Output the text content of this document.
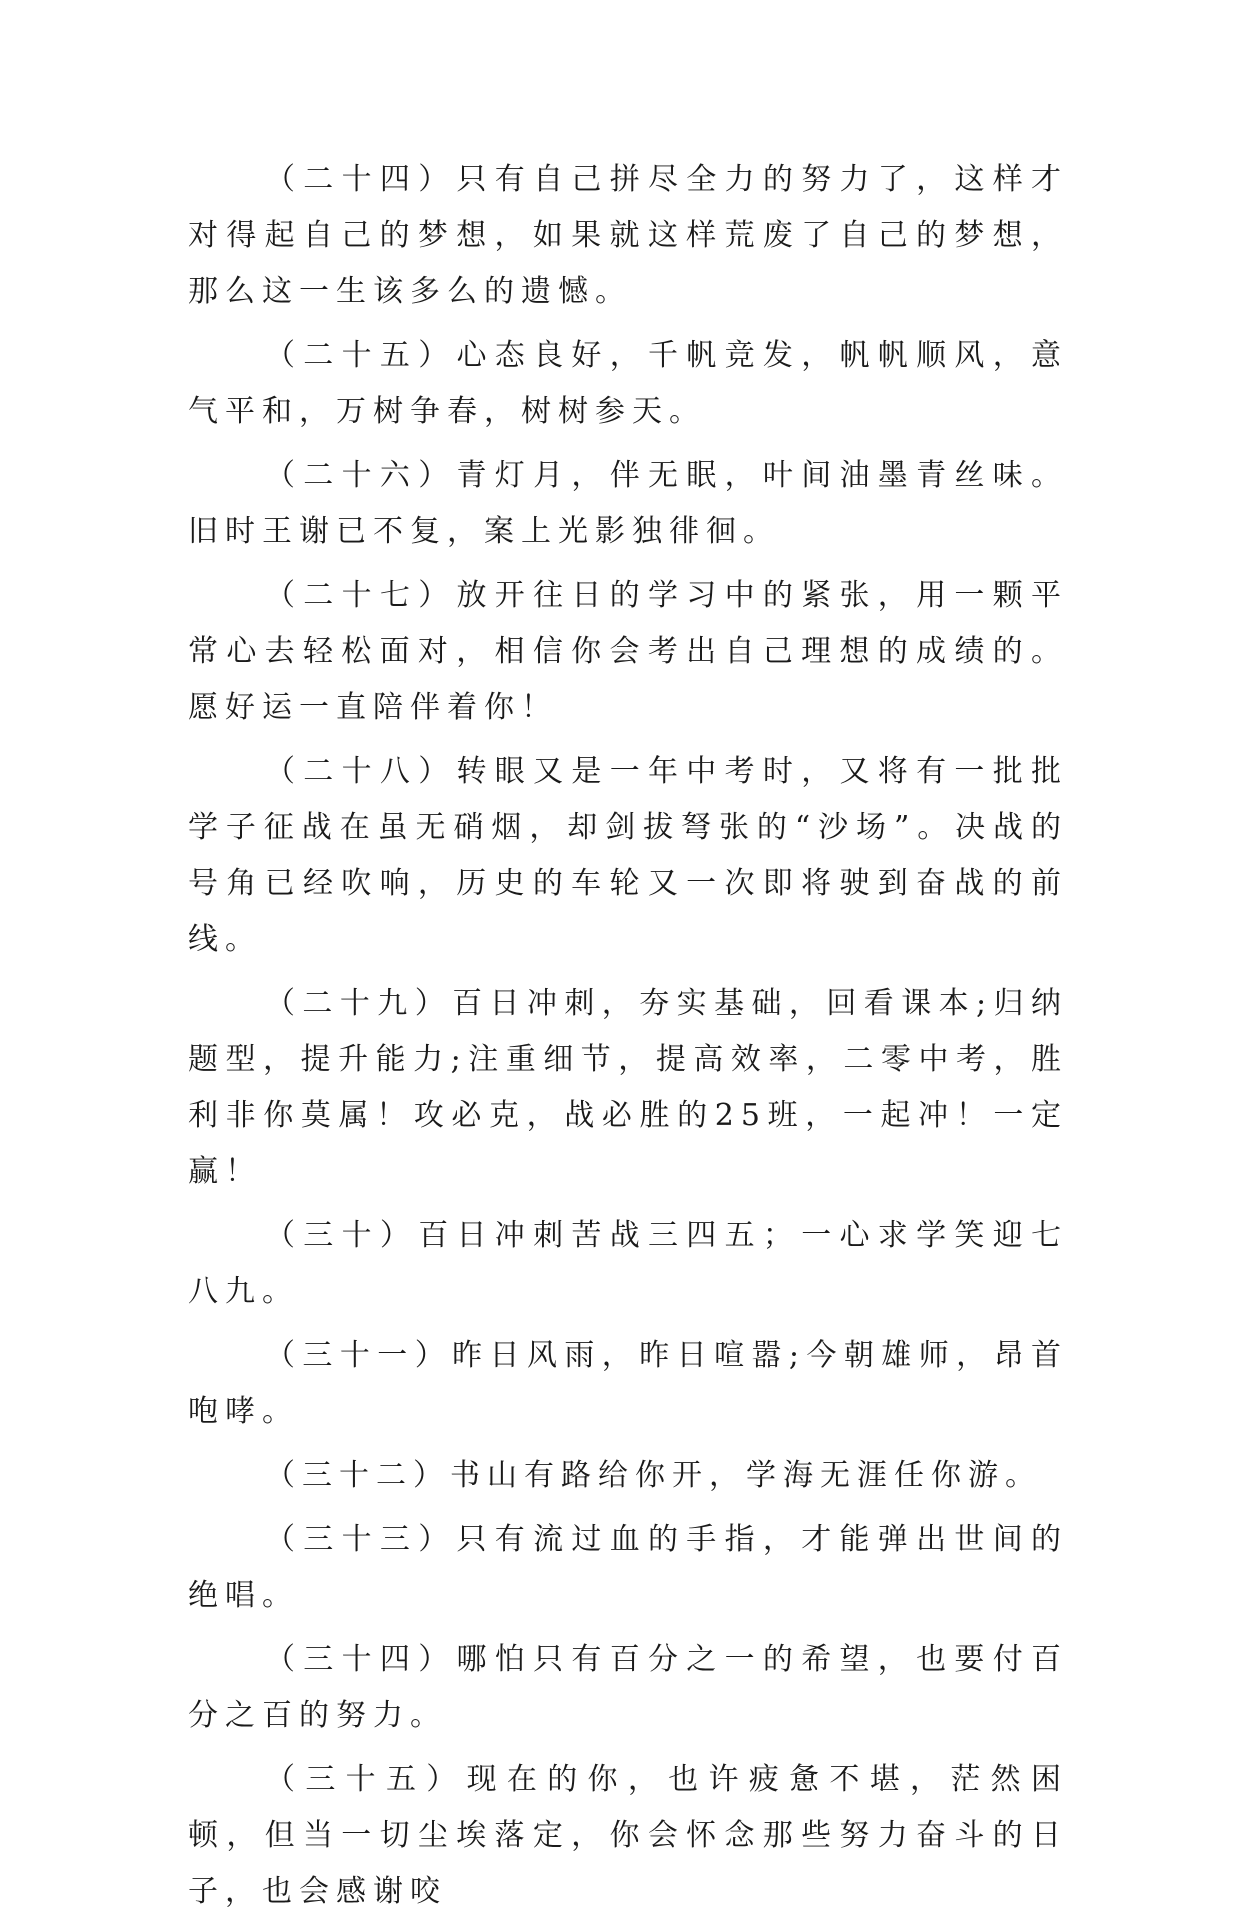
（二十四）只有自己拼尽全力的努力了，这样才对得起自己的梦想，如果就这样荒废了自己的梦想，那么这一生该多么的遗憾。

（二十五）心态良好，千帆竞发，帆帆顺风，意气平和，万树争春，树树参天。

（二十六）青灯月，伴无眠，叶间油墨青丝味。旧时王谢已不复，案上光影独徘徊。

（二十七）放开往日的学习中的紧张，用一颗平常心去轻松面对，相信你会考出自己理想的成绩的。愿好运一直陪伴着你！

（二十八）转眼又是一年中考时，又将有一批批学子征战在虽无硝烟，却剑拔弩张的“沙场”。决战的号角已经吹响，历史的车轮又一次即将驶到奋战的前线。

（二十九）百日冲刺，夯实基础，回看课本;归纳题型，提升能力;注重细节，提高效率，二零中考，胜利非你莫属！攻必克，战必胜的25班，一起冲！一定赢！

（三十）百日冲刺苦战三四五；一心求学笑迎七八九。

（三十一）昨日风雨，昨日喧嚣;今朝雄师，昂首咆哮。

（三十二）书山有路给你开，学海无涯任你游。

（三十三）只有流过血的手指，才能弹出世间的绝唱。

（三十四）哪怕只有百分之一的希望，也要付百分之百的努力。

（三十五）现在的你，也许疲惫不堪，茫然困顿，但当一切尘埃落定，你会怀念那些努力奋斗的日子，也会感谢咬
